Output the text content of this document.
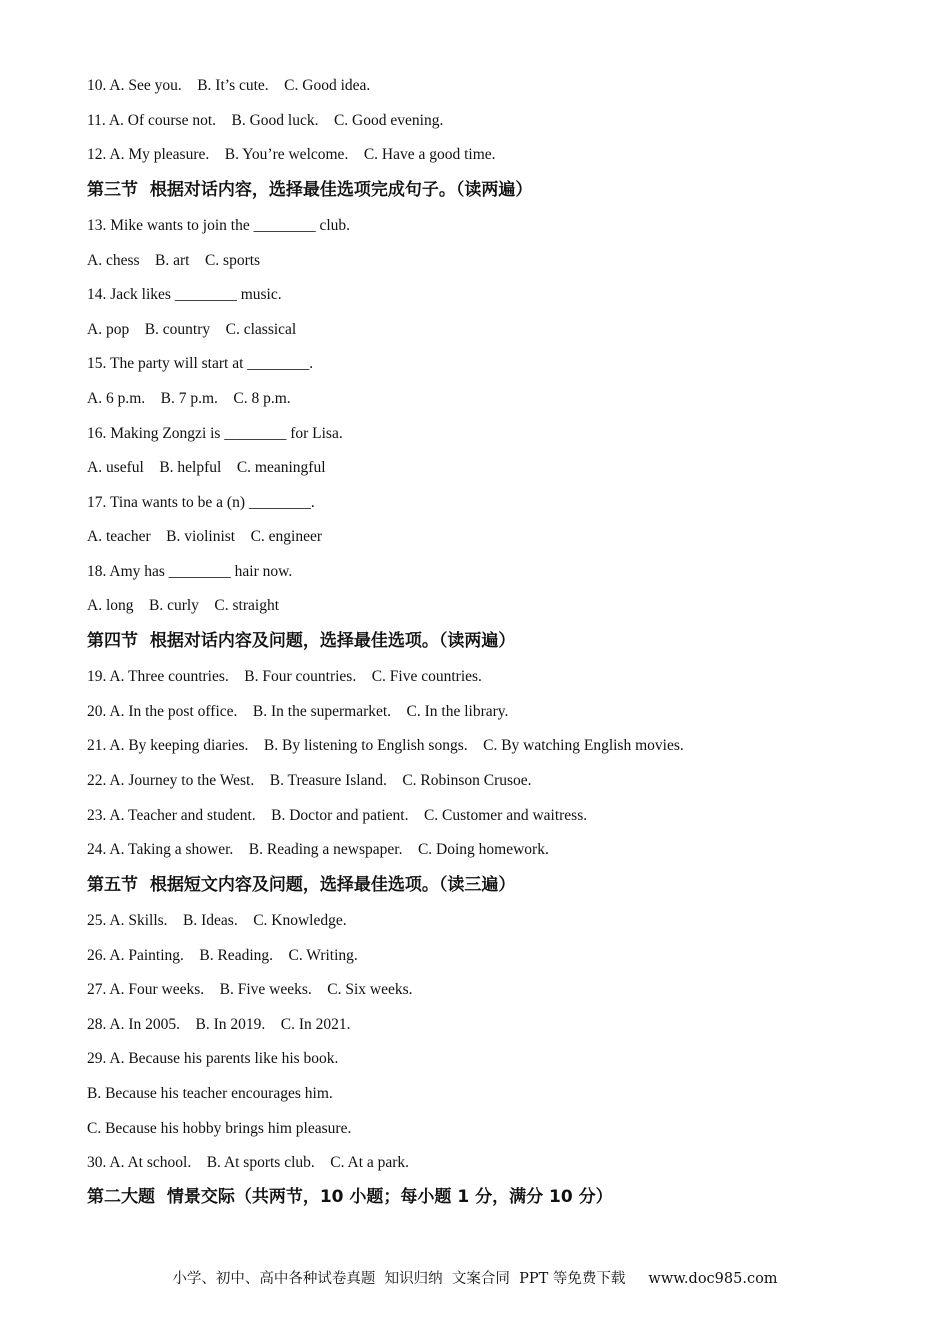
10. A. See you.    B. It’s cute.    C. Good idea.
11. A. Of course not.    B. Good luck.    C. Good evening.
12. A. My pleasure.    B. You’re welcome.    C. Have a good time.
第三节  根据对话内容，选择最佳选项完成句子。（读两遍）
13. Mike wants to join the ________ club.
A. chess    B. art    C. sports
14. Jack likes ________ music.
A. pop    B. country    C. classical
15. The party will start at ________.
A. 6 p.m.    B. 7 p.m.    C. 8 p.m.
16. Making Zongzi is ________ for Lisa.
A. useful    B. helpful    C. meaningful
17. Tina wants to be a (n) ________.
A. teacher    B. violinist    C. engineer
18. Amy has ________ hair now.
A. long    B. curly    C. straight
第四节  根据对话内容及问题，选择最佳选项。（读两遍）
19. A. Three countries.    B. Four countries.    C. Five countries.
20. A. In the post office.    B. In the supermarket.    C. In the library.
21. A. By keeping diaries.    B. By listening to English songs.    C. By watching English movies.
22. A. Journey to the West.    B. Treasure Island.    C. Robinson Crusoe.
23. A. Teacher and student.    B. Doctor and patient.    C. Customer and waitress.
24. A. Taking a shower.    B. Reading a newspaper.    C. Doing homework.
第五节  根据短文内容及问题，选择最佳选项。（读三遍）
25. A. Skills.    B. Ideas.    C. Knowledge.
26. A. Painting.    B. Reading.    C. Writing.
27. A. Four weeks.    B. Five weeks.    C. Six weeks.
28. A. In 2005.    B. In 2019.    C. In 2021.
29. A. Because his parents like his book.
B. Because his teacher encourages him.
C. Because his hobby brings him pleasure.
30. A. At school.    B. At sports club.    C. At a park.
第二大题  情景交际（共两节，10 小题；每小题 1 分，满分 10 分）
小学、初中、高中各种试卷真题  知识归纳  文案合同  PPT 等免费下载     www.doc985.com
